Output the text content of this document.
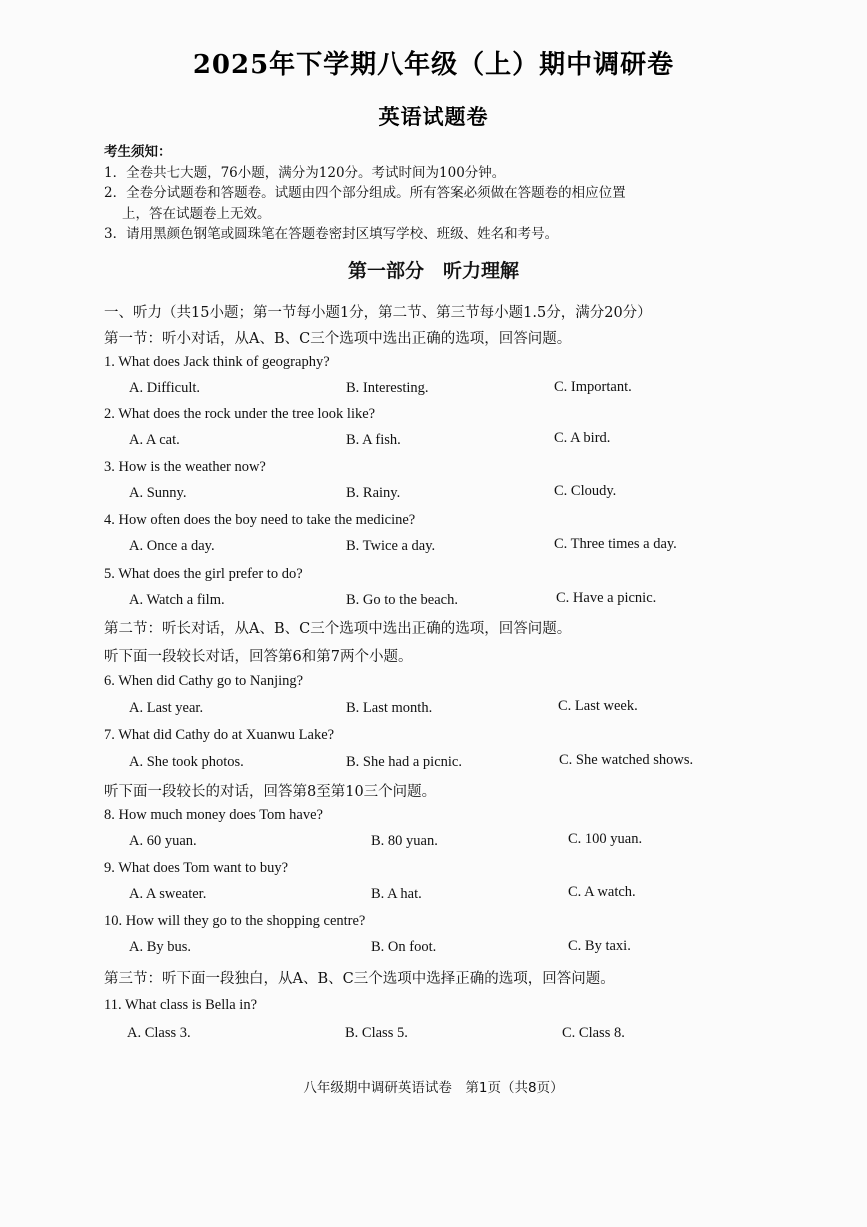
2025年下学期八年级（上）期中调研卷
英语试题卷
考生须知：
1．全卷共七大题，76小题，满分为120分。考试时间为100分钟。
2．全卷分试题卷和答题卷。试题由四个部分组成。所有答案必须做在答题卷的相应位置
上，答在试题卷上无效。
3．请用黑颜色钢笔或圆珠笔在答题卷密封区填写学校、班级、姓名和考号。
第一部分　听力理解
一、听力（共15小题；第一节每小题1分，第二节、第三节每小题1.5分，满分20分）
第一节：听小对话，从A、B、C三个选项中选出正确的选项，回答问题。
1. What does Jack think of geography?
A. Difficult.	B. Interesting.	C. Important.
2. What does the rock under the tree look like?
A. A cat.	B. A fish.	C. A bird.
3. How is the weather now?
A. Sunny.	B. Rainy.	C. Cloudy.
4. How often does the boy need to take the medicine?
A. Once a day.	B. Twice a day.	C. Three times a day.
5. What does the girl prefer to do?
A. Watch a film.	B. Go to the beach.	C. Have a picnic.
第二节：听长对话，从A、B、C三个选项中选出正确的选项，回答问题。
听下面一段较长对话，回答第6和第7两个小题。
6. When did Cathy go to Nanjing?
A. Last year.	B. Last month.	C. Last week.
7. What did Cathy do at Xuanwu Lake?
A. She took photos.	B. She had a picnic.	C. She watched shows.
听下面一段较长的对话，回答第8至第10三个问题。
8. How much money does Tom have?
A. 60 yuan.	B. 80 yuan.	C. 100 yuan.
9. What does Tom want to buy?
A. A sweater.	B. A hat.	C. A watch.
10. How will they go to the shopping centre?
A. By bus.	B. On foot.	C. By taxi.
第三节：听下面一段独白，从A、B、C三个选项中选择正确的选项，回答问题。
11. What class is Bella in?
A. Class 3.	B. Class 5.	C. Class 8.
八年级期中调研英语试卷　第1页（共8页）
